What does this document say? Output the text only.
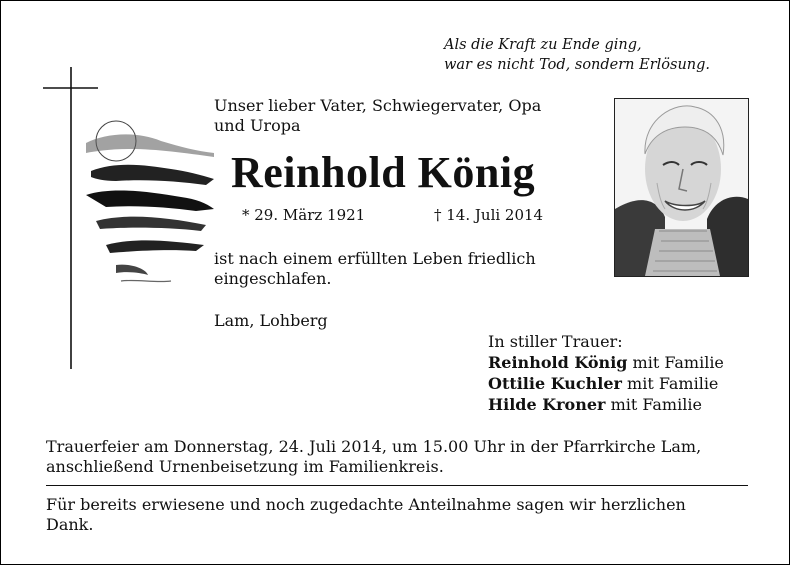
Als die Kraft zu Ende ging,
war es nicht Tod, sondern Erlösung.
Unser lieber Vater, Schwiegervater, Opa
und Uropa
Reinhold König
* 29. März 1921	† 14. Juli 2014
ist nach einem erfüllten Leben friedlich
eingeschlafen.
Lam, Lohberg
In stiller Trauer:
Reinhold König mit Familie
Ottilie Kuchler mit Familie
Hilde Kroner mit Familie
Trauerfeier am Donnerstag, 24. Juli 2014, um 15.00 Uhr in der Pfarrkirche Lam,
anschließend Urnenbeisetzung im Familienkreis.
Für bereits erwiesene und noch zugedachte Anteilnahme sagen wir herzlichen
Dank.
